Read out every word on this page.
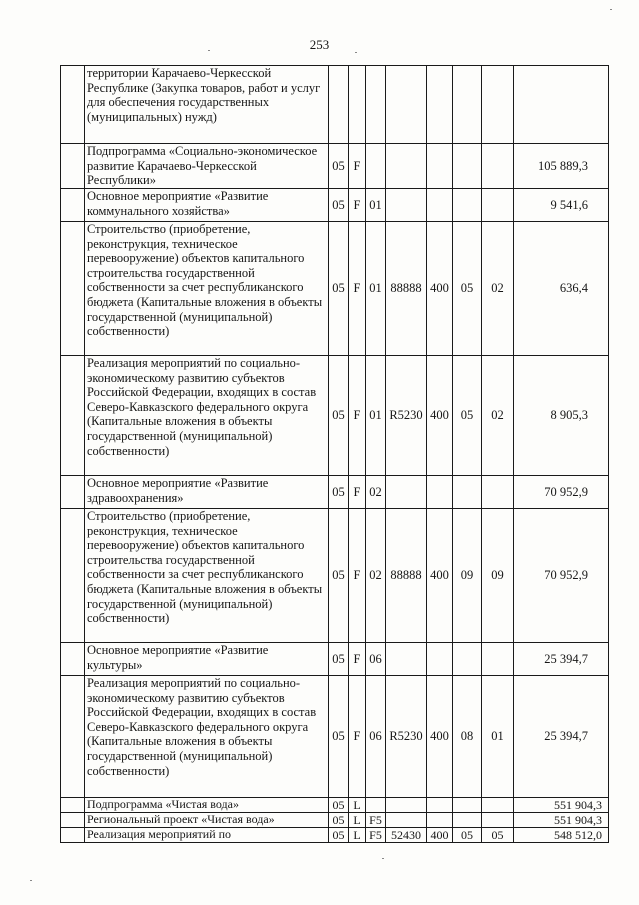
253
	территории Карачаево-Черкесской Республике (Закупка товаров, работ и услуг для обеспечения государственных (муниципальных) нужд)								
	Подпрограмма «Социально-экономическое развитие Карачаево-Черкесской Республики»	05	F						105 889,3
	Основное мероприятие «Развитие коммунального хозяйства»	05	F	01					9 541,6
	Строительство (приобретение, реконструкция, техническое перевооружение) объектов капитального строительства государственной собственности за счет республиканского бюджета (Капитальные вложения в объекты государственной (муниципальной) собственности)	05	F	01	88888	400	05	02	636,4
	Реализация мероприятий по социально-экономическому развитию субъектов Российской Федерации, входящих в состав Северо-Кавказского федерального округа (Капитальные вложения в объекты государственной (муниципальной) собственности)	05	F	01	R5230	400	05	02	8 905,3
	Основное мероприятие «Развитие здравоохранения»	05	F	02					70 952,9
	Строительство (приобретение, реконструкция, техническое перевооружение) объектов капитального строительства государственной собственности за счет республиканского бюджета (Капитальные вложения в объекты государственной (муниципальной) собственности)	05	F	02	88888	400	09	09	70 952,9
	Основное мероприятие «Развитие культуры»	05	F	06					25 394,7
	Реализация мероприятий по социально-экономическому развитию субъектов Российской Федерации, входящих в состав Северо-Кавказского федерального округа (Капитальные вложения в объекты государственной (муниципальной) собственности)	05	F	06	R5230	400	08	01	25 394,7
	Подпрограмма «Чистая вода»	05	L						551 904,3
	Региональный проект «Чистая вода»	05	L	F5					551 904,3
	Реализация мероприятий по	05	L	F5	52430	400	05	05	548 512,0
